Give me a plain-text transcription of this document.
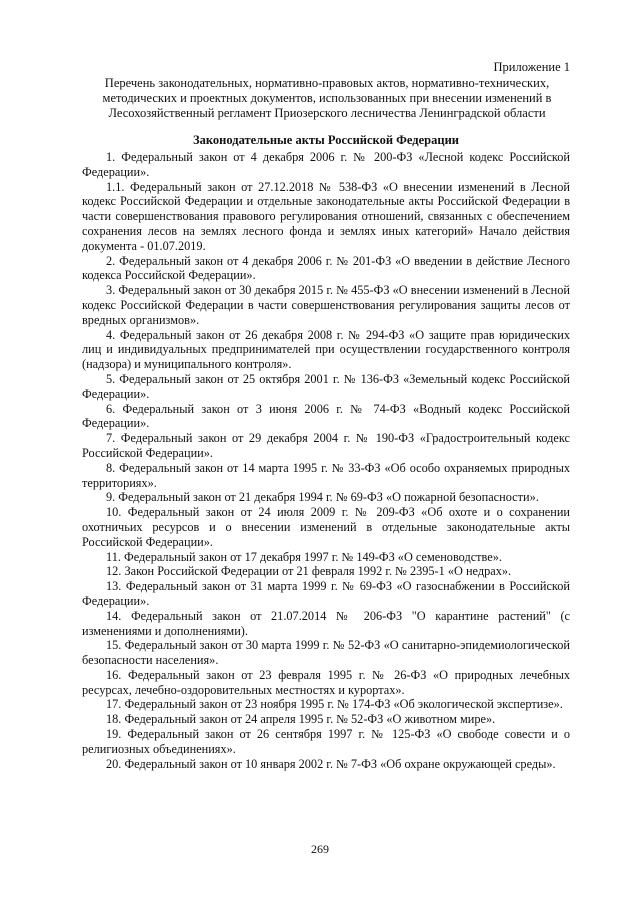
Приложение 1
Перечень законодательных, нормативно-правовых актов, нормативно-технических, методических и проектных документов, использованных при внесении изменений в Лесохозяйственный регламент Приозерского лесничества Ленинградской области
Законодательные акты Российской Федерации

1. Федеральный закон от 4 декабря 2006 г. № 200-ФЗ «Лесной кодекс Российской Федерации».

1.1. Федеральный закон от 27.12.2018 № 538-ФЗ «О внесении изменений в Лесной кодекс Российской Федерации и отдельные законодательные акты Российской Федерации в части совершенствования правового регулирования отношений, связанных с обеспечением сохранения лесов на землях лесного фонда и землях иных категорий» Начало действия документа - 01.07.2019.

2. Федеральный закон от 4 декабря 2006 г. № 201-ФЗ «О введении в действие Лесного кодекса Российской Федерации».

3. Федеральный закон от 30 декабря 2015 г. № 455-ФЗ «О внесении изменений в Лесной кодекс Российской Федерации в части совершенствования регулирования защиты лесов от вредных организмов».

4. Федеральный закон от 26 декабря 2008 г. № 294-ФЗ «О защите прав юридических лиц и индивидуальных предпринимателей при осуществлении государственного контроля (надзора) и муниципального контроля».

5. Федеральный закон от 25 октября 2001 г. № 136-ФЗ «Земельный кодекс Российской Федерации».

6. Федеральный закон от 3 июня 2006 г. № 74-ФЗ «Водный кодекс Российской Федерации».

7. Федеральный закон от 29 декабря 2004 г. № 190-ФЗ «Градостроительный кодекс Российской Федерации».

8. Федеральный закон от 14 марта 1995 г. № 33-ФЗ «Об особо охраняемых природных территориях».

9. Федеральный закон от 21 декабря 1994 г. № 69-ФЗ «О пожарной безопасности».

10. Федеральный закон от 24 июля 2009 г. № 209-ФЗ «Об охоте и о сохранении охотничьих ресурсов и о внесении изменений в отдельные законодательные акты Российской Федерации».

11. Федеральный закон от 17 декабря 1997 г. № 149-ФЗ «О семеноводстве».

12. Закон Российской Федерации от 21 февраля 1992 г. № 2395-1 «О недрах».

13. Федеральный закон от 31 марта 1999 г. № 69-ФЗ «О газоснабжении в Российской Федерации».

14. Федеральный закон от 21.07.2014 № 206-ФЗ "О карантине растений" (с изменениями и дополнениями).

15. Федеральный закон от 30 марта 1999 г. № 52-ФЗ «О санитарно-эпидемиологической безопасности населения».

16. Федеральный закон от 23 февраля 1995 г. № 26-ФЗ «О природных лечебных ресурсах, лечебно-оздоровительных местностях и курортах».

17. Федеральный закон от 23 ноября 1995 г. № 174-ФЗ «Об экологической экспертизе».

18. Федеральный закон от 24 апреля 1995 г. № 52-ФЗ «О животном мире».

19. Федеральный закон от 26 сентября 1997 г. № 125-ФЗ «О свободе совести и о религиозных объединениях».

20. Федеральный закон от 10 января 2002 г. № 7-ФЗ «Об охране окружающей среды».

269
